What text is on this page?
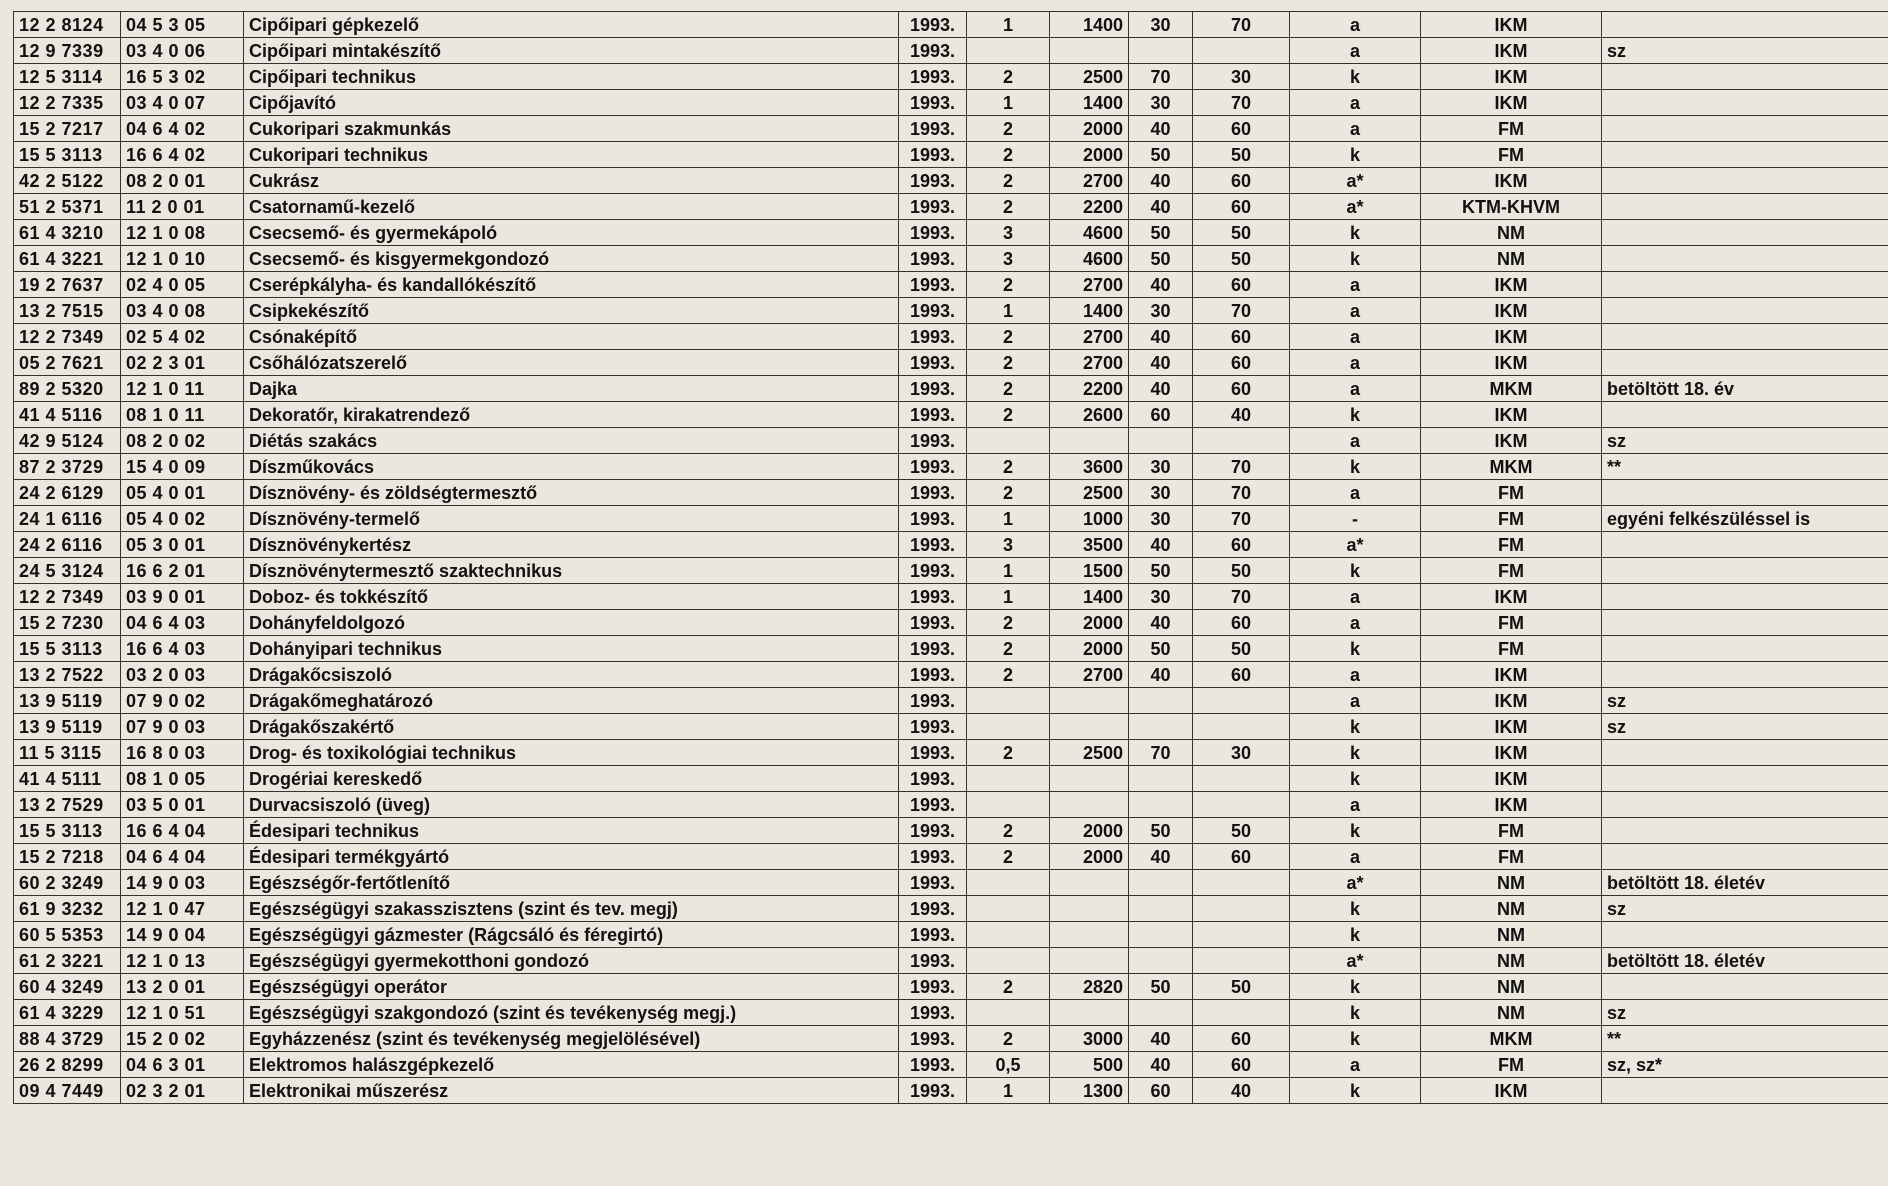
12 2 8124	04 5 3 05	Cipőipari gépkezelő	1993.	1	1400	30	70	a	IKM	
12 9 7339	03 4 0 06	Cipőipari mintakészítő	1993.					a	IKM	sz
12 5 3114	16 5 3 02	Cipőipari technikus	1993.	2	2500	70	30	k	IKM	
12 2 7335	03 4 0 07	Cipőjavító	1993.	1	1400	30	70	a	IKM	
15 2 7217	04 6 4 02	Cukoripari szakmunkás	1993.	2	2000	40	60	a	FM	
15 5 3113	16 6 4 02	Cukoripari technikus	1993.	2	2000	50	50	k	FM	
42 2 5122	08 2 0 01	Cukrász	1993.	2	2700	40	60	a*	IKM	
51 2 5371	11 2 0 01	Csatornamű-kezelő	1993.	2	2200	40	60	a*	KTM-KHVM	
61 4 3210	12 1 0 08	Csecsemő- és gyermekápoló	1993.	3	4600	50	50	k	NM	
61 4 3221	12 1 0 10	Csecsemő- és kisgyermekgondozó	1993.	3	4600	50	50	k	NM	
19 2 7637	02 4 0 05	Cserépkályha- és kandallókészítő	1993.	2	2700	40	60	a	IKM	
13 2 7515	03 4 0 08	Csipkekészítő	1993.	1	1400	30	70	a	IKM	
12 2 7349	02 5 4 02	Csónaképítő	1993.	2	2700	40	60	a	IKM	
05 2 7621	02 2 3 01	Csőhálózatszerelő	1993.	2	2700	40	60	a	IKM	
89 2 5320	12 1 0 11	Dajka	1993.	2	2200	40	60	a	MKM	betöltött 18. év
41 4 5116	08 1 0 11	Dekoratőr, kirakatrendező	1993.	2	2600	60	40	k	IKM	
42 9 5124	08 2 0 02	Diétás szakács	1993.					a	IKM	sz
87 2 3729	15 4 0 09	Díszműkovács	1993.	2	3600	30	70	k	MKM	**
24 2 6129	05 4 0 01	Dísznövény- és zöldségtermesztő	1993.	2	2500	30	70	a	FM	
24 1 6116	05 4 0 02	Dísznövény-termelő	1993.	1	1000	30	70	-	FM	egyéni felkészüléssel is
24 2 6116	05 3 0 01	Dísznövénykertész	1993.	3	3500	40	60	a*	FM	
24 5 3124	16 6 2 01	Dísznövénytermesztő szaktechnikus	1993.	1	1500	50	50	k	FM	
12 2 7349	03 9 0 01	Doboz- és tokkészítő	1993.	1	1400	30	70	a	IKM	
15 2 7230	04 6 4 03	Dohányfeldolgozó	1993.	2	2000	40	60	a	FM	
15 5 3113	16 6 4 03	Dohányipari technikus	1993.	2	2000	50	50	k	FM	
13 2 7522	03 2 0 03	Drágakőcsiszoló	1993.	2	2700	40	60	a	IKM	
13 9 5119	07 9 0 02	Drágakőmeghatározó	1993.					a	IKM	sz
13 9 5119	07 9 0 03	Drágakőszakértő	1993.					k	IKM	sz
11 5 3115	16 8 0 03	Drog- és toxikológiai technikus	1993.	2	2500	70	30	k	IKM	
41 4 5111	08 1 0 05	Drogériai kereskedő	1993.					k	IKM	
13 2 7529	03 5 0 01	Durvacsiszoló (üveg)	1993.					a	IKM	
15 5 3113	16 6 4 04	Édesipari technikus	1993.	2	2000	50	50	k	FM	
15 2 7218	04 6 4 04	Édesipari termékgyártó	1993.	2	2000	40	60	a	FM	
60 2 3249	14 9 0 03	Egészségőr-fertőtlenítő	1993.					a*	NM	betöltött 18. életév
61 9 3232	12 1 0 47	Egészségügyi szakasszisztens (szint és tev. megj)	1993.					k	NM	sz
60 5 5353	14 9 0 04	Egészségügyi gázmester (Rágcsáló és féregirtó)	1993.					k	NM	
61 2 3221	12 1 0 13	Egészségügyi gyermekotthoni gondozó	1993.					a*	NM	betöltött 18. életév
60 4 3249	13 2 0 01	Egészségügyi operátor	1993.	2	2820	50	50	k	NM	
61 4 3229	12 1 0 51	Egészségügyi szakgondozó (szint és tevékenység megj.)	1993.					k	NM	sz
88 4 3729	15 2 0 02	Egyházzenész (szint és tevékenység megjelölésével)	1993.	2	3000	40	60	k	MKM	**
26 2 8299	04 6 3 01	Elektromos halászgépkezelő	1993.	0,5	500	40	60	a	FM	sz, sz*
09 4 7449	02 3 2 01	Elektronikai műszerész	1993.	1	1300	60	40	k	IKM	
